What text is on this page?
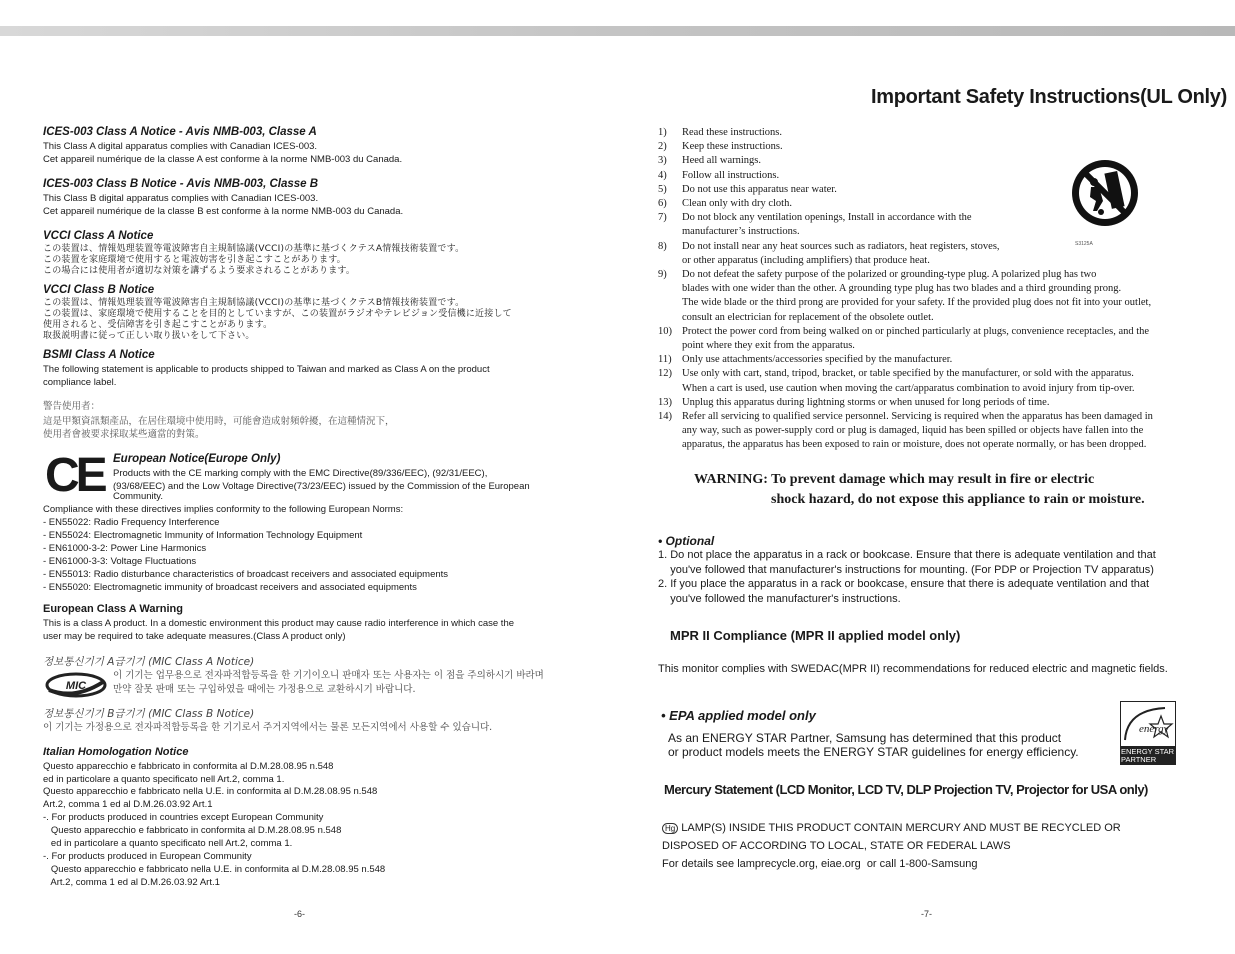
ICES-003 Class A Notice - Avis NMB-003, Classe A
This Class A digital apparatus complies with Canadian ICES-003.
Cet appareil numérique de la classe A est conforme à la norme NMB-003 du Canada.
ICES-003 Class B Notice - Avis NMB-003, Classe B
This Class B digital apparatus complies with Canadian ICES-003.
Cet appareil numérique de la classe B est conforme à la norme NMB-003 du Canada.
VCCI Class A Notice
この装置は、情報処理装置等電波障害自主規制協議(VCCI)の基準に基づくクテスA情報技術装置です。
この装置を家庭環境で使用すると電波妨害を引き起こすことがあります。
この場合には使用者が適切な対策を講ずるよう要求されることがあります。
VCCI Class B Notice
この装置は、情報処理装置等電波障害自主規制協議(VCCI)の基準に基づくクテスB情報技術装置です。
この装置は、家庭環境で使用することを目的としていますが、この装置がラジオやテレビジョン受信機に近接して
使用されると、受信障害を引き起こすことがあります。
取扱説明書に従って正しい取り扱いをして下さい。
BSMI Class A Notice
The following statement is applicable to products shipped to Taiwan and marked as Class A on the product
compliance label.
警告使用者：
這是甲類資訊類產品，在居住環境中使用時，可能會造成射頻幹擾，在這種情況下，
使用者會被要求採取某些適當的對策。
CE European Notice(Europe Only)
Products with the CE marking comply with the EMC Directive(89/336/EEC), (92/31/EEC),
(93/68/EEC) and the Low Voltage Directive(73/23/EEC) issued by the Commission of the European
Community.
Compliance with these directives implies conformity to the following European Norms:
- EN55022: Radio Frequency Interference
- EN55024: Electromagnetic Immunity of Information Technology Equipment
- EN61000-3-2: Power Line Harmonics
- EN61000-3-3: Voltage Fluctuations
- EN55013: Radio disturbance characteristics of broadcast receivers and associated equipments
- EN55020: Electromagnetic immunity of broadcast receivers and associated equipments
European Class A Warning
This is a class A product. In a domestic environment this product may cause radio interference in which case the
user may be required to take adequate measures.(Class A product only)
정보통신기기 A급기기 (MIC Class A Notice)
MIC
이 기기는 업무용으로 전자파적합등록을 한 기기이오니 판매자 또는 사용자는 이 점을 주의하시기 바라며
만약 잘못 판매 또는 구입하였을 때에는 가정용으로 교환하시기 바랍니다.
정보통신기기 B급기기 (MIC Class B Notice)
이 기기는 가정용으로 전자파적합등록을 한 기기로서 주거지역에서는 물론 모든지역에서 사용할 수 있습니다.
Italian Homologation Notice
Questo apparecchio e fabbricato in conformita al D.M.28.08.95 n.548
ed in particolare a quanto specificato nell Art.2, comma 1.
Questo apparecchio e fabbricato nella U.E. in conformita al D.M.28.08.95 n.548
Art.2, comma 1 ed al D.M.26.03.92 Art.1
-. For products produced in countries except European Community
Questo apparecchio e fabbricato in conformita al D.M.28.08.95 n.548
ed in particolare a quanto specificato nell Art.2, comma 1.
-. For products produced in European Community
Questo apparecchio e fabbricato nella U.E. in conformita al D.M.28.08.95 n.548
Art.2, comma 1 ed al D.M.26.03.92 Art.1
-6-
Important Safety Instructions(UL Only)
1) Read these instructions.
2) Keep these instructions.
3) Heed all warnings.
4) Follow all instructions.
5) Do not use this apparatus near water.
6) Clean only with dry cloth.
7) Do not block any ventilation openings, Install in accordance with the
manufacturer’s instructions.
8) Do not install near any heat sources such as radiators, heat registers, stoves,
or other apparatus (including amplifiers) that produce heat.
9) Do not defeat the safety purpose of the polarized or grounding-type plug. A polarized plug has two
blades with one wider than the other. A grounding type plug has two blades and a third grounding prong.
The wide blade or the third prong are provided for your safety. If the provided plug does not fit into your outlet,
consult an electrician for replacement of the obsolete outlet.
10) Protect the power cord from being walked on or pinched particularly at plugs, convenience receptacles, and the
point where they exit from the apparatus.
11) Only use attachments/accessories specified by the manufacturer.
12) Use only with cart, stand, tripod, bracket, or table specified by the manufacturer, or sold with the apparatus.
When a cart is used, use caution when moving the cart/apparatus combination to avoid injury from tip-over.
13) Unplug this apparatus during lightning storms or when unused for long periods of time.
14) Refer all servicing to qualified service personnel. Servicing is required when the apparatus has been damaged in
any way, such as power-supply cord or plug is damaged, liquid has been spilled or objects have fallen into the
apparatus, the apparatus has been exposed to rain or moisture, does not operate normally, or has been dropped.
S3125A
WARNING: To prevent damage which may result in fire or electric
shock hazard, do not expose this appliance to rain or moisture.
• Optional
1. Do not place the apparatus in a rack or bookcase. Ensure that there is adequate ventilation and that
you've followed that manufacturer's instructions for mounting. (For PDP or Projection TV apparatus)
2. If you place the apparatus in a rack or bookcase, ensure that there is adequate ventilation and that
you've followed the manufacturer's instructions.
MPR II Compliance (MPR II applied model only)
This monitor complies with SWEDAC(MPR II) recommendations for reduced electric and magnetic fields.
• EPA applied model only
As an ENERGY STAR Partner, Samsung has determined that this product
or product models meets the ENERGY STAR guidelines for energy efficiency.
energy
ENERGY STAR
PARTNER
Mercury Statement (LCD Monitor, LCD TV, DLP Projection TV, Projector for USA only)
Hg LAMP(S) INSIDE THIS PRODUCT CONTAIN MERCURY AND MUST BE RECYCLED OR
DISPOSED OF ACCORDING TO LOCAL, STATE OR FEDERAL LAWS
For details see lamprecycle.org, eiae.org  or call 1-800-Samsung
-7-
